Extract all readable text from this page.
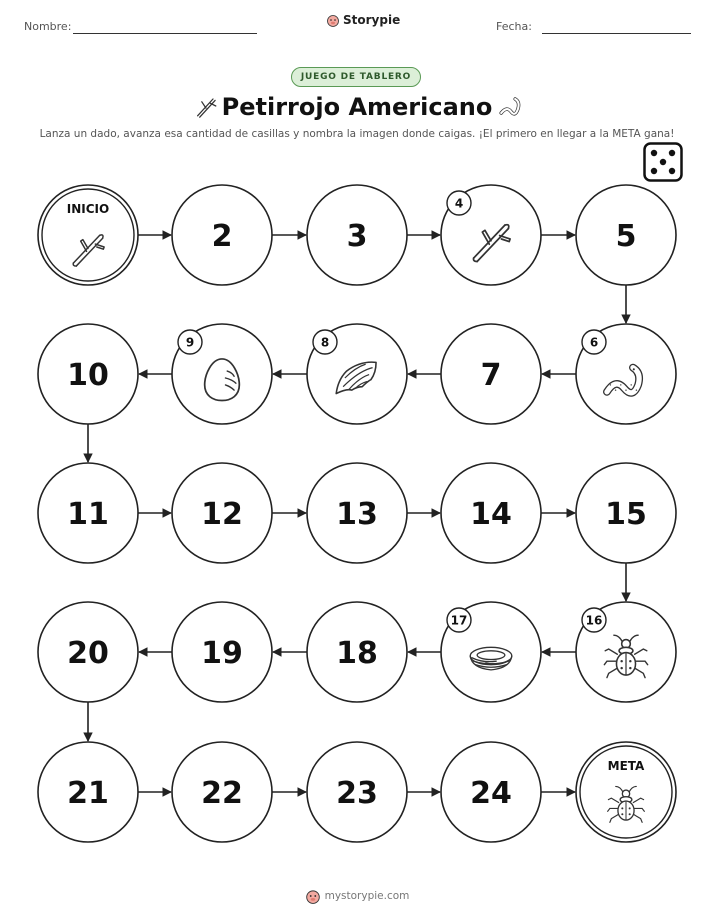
Nombre:	Storypie	Fecha:
JUEGO DE TABLERO
Petirrojo Americano
Lanza un dado, avanza esa cantidad de casillas y nombra la imagen donde caigas. ¡El primero en llegar a la META gana!
INICIO
2	3
4
5
6
7
8
9
10
11	12	13	14	15
16
17
18
19
20
21	22	23	24
META
mystorypie.com
